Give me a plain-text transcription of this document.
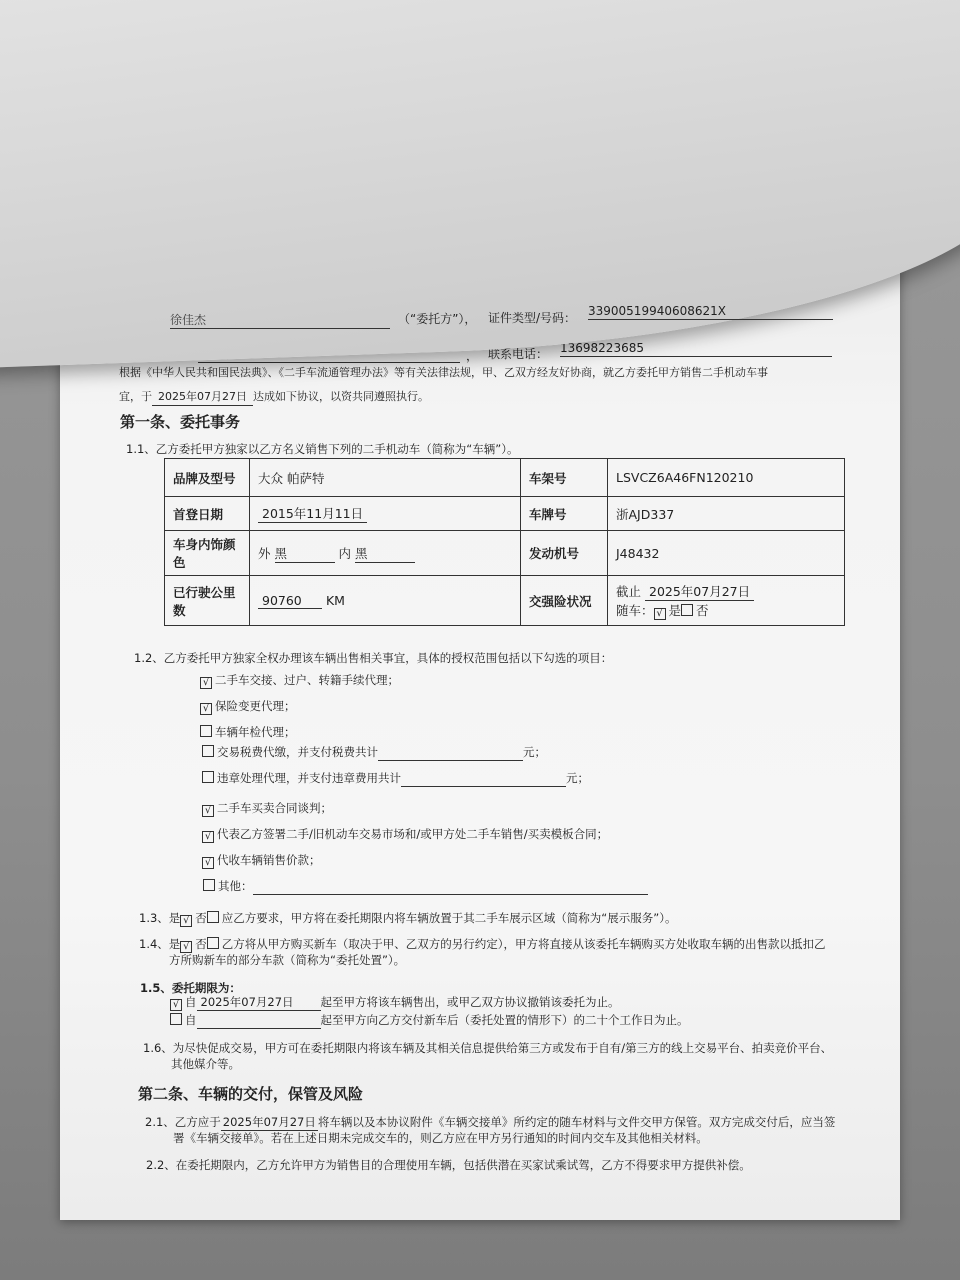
徐佳杰	（“委托方”）， 证件类型/号码： 33900519940608621X
， 联系电话： 13698223685
根据《中华人民共和国民法典》、《二手车流通管理办法》等有关法律法规，甲、乙双方经友好协商，就乙方委托甲方销售二手机动车事
宜，于 2025年07月27日 达成如下协议，以资共同遵照执行。
第一条、委托事务
1.1、乙方委托甲方独家以乙方名义销售下列的二手机动车（简称为“车辆”）。
品牌及型号	大众 帕萨特	车架号	LSVCZ6A46FN120210
首登日期	2015年11月11日	车牌号	浙AJD337
车身内饰颜
色	外 黑 内 黑	发动机号	J48432
已行驶公里
数	90760 KM	交强险状况	截止 2025年07月27日
随车： √ 是 否
1.2、乙方委托甲方独家全权办理该车辆出售相关事宜，具体的授权范围包括以下勾选的项目：
√ 二手车交接、过户、转籍手续代理；
√ 保险变更代理；
车辆年检代理；
交易税费代缴，并支付税费共计	元；
违章处理代理，并支付违章费用共计	元；
√ 二手车买卖合同谈判；
√ 代表乙方签署二手/旧机动车交易市场和/或甲方处二手车销售/买卖模板合同；
√ 代收车辆销售价款；
其他：
1.3、是 √ 否 应乙方要求，甲方将在委托期限内将车辆放置于其二手车展示区域（简称为“展示服务”）。
1.4、是 √ 否 乙方将从甲方购买新车（取决于甲、乙双方的另行约定），甲方将直接从该委托车辆购买方处收取车辆的出售款以抵扣乙
方所购新车的部分车款（简称为“委托处置”）。
1.5、委托期限为：
√ 自 2025年07月27日 起至甲方将该车辆售出，或甲乙双方协议撤销该委托为止。
自	起至甲方向乙方交付新车后（委托处置的情形下）的二十个工作日为止。
1.6、为尽快促成交易，甲方可在委托期限内将该车辆及其相关信息提供给第三方或发布于自有/第三方的线上交易平台、拍卖竞价平台、
其他媒介等。
第二条、车辆的交付，保管及风险
2.1、乙方应于 2025年07月27日 将车辆以及本协议附件《车辆交接单》所约定的随车材料与文件交甲方保管。双方完成交付后，应当签
署《车辆交接单》。若在上述日期未完成交车的，则乙方应在甲方另行通知的时间内交车及其他相关材料。
2.2、在委托期限内，乙方允许甲方为销售目的合理使用车辆，包括供潜在买家试乘试驾，乙方不得要求甲方提供补偿。
